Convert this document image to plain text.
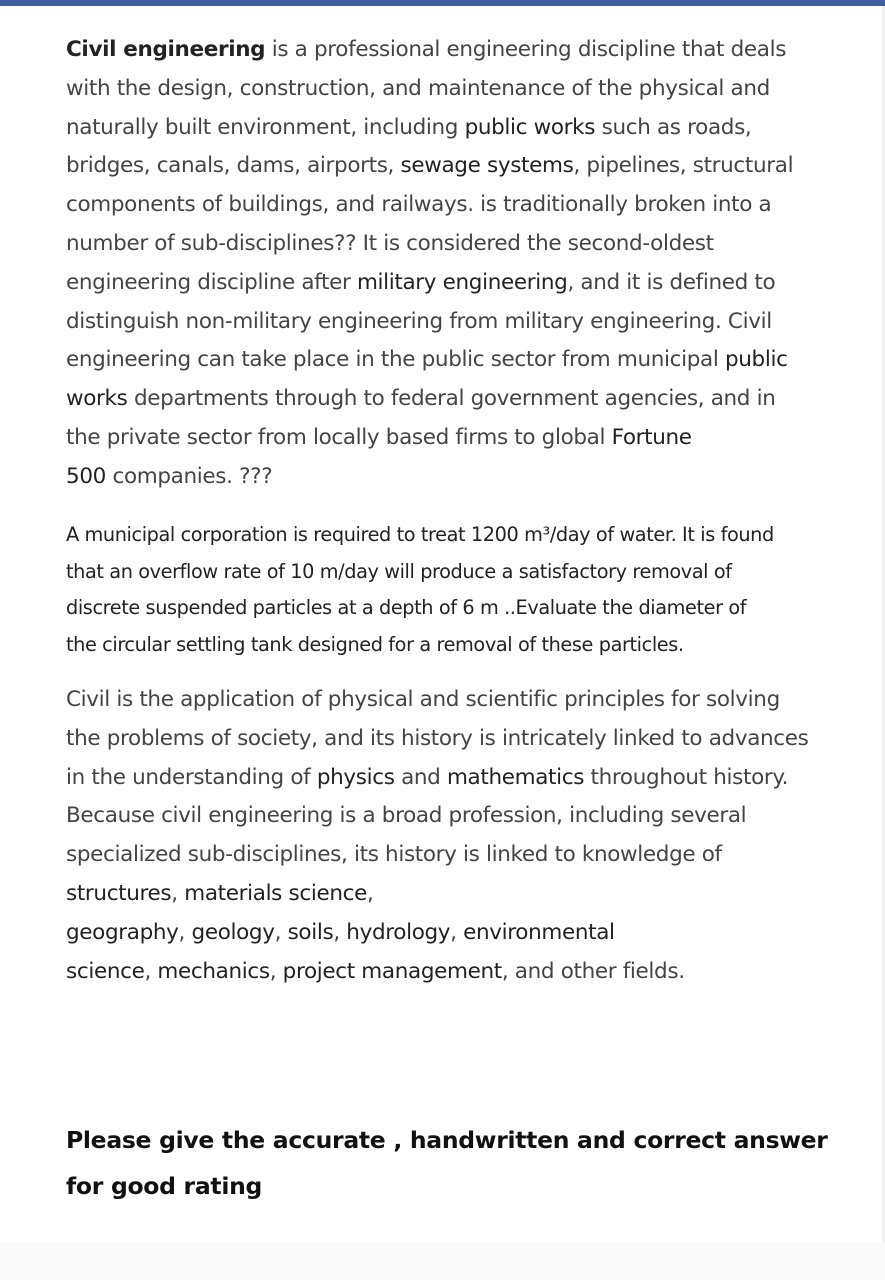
Civil engineering is a professional engineering discipline that deals
with the design, construction, and maintenance of the physical and
naturally built environment, including public works such as roads,
bridges, canals, dams, airports, sewage systems, pipelines, structural
components of buildings, and railways. is traditionally broken into a
number of sub-disciplines?? It is considered the second-oldest
engineering discipline after military engineering, and it is defined to
distinguish non-military engineering from military engineering. Civil
engineering can take place in the public sector from municipal public
works departments through to federal government agencies, and in
the private sector from locally based firms to global Fortune
500 companies. ???

A municipal corporation is required to treat 1200 m³/day of water. It is found
that an overflow rate of 10 m/day will produce a satisfactory removal of
discrete suspended particles at a depth of 6 m ..Evaluate the diameter of
the circular settling tank designed for a removal of these particles.

Civil is the application of physical and scientific principles for solving
the problems of society, and its history is intricately linked to advances
in the understanding of physics and mathematics throughout history.
Because civil engineering is a broad profession, including several
specialized sub-disciplines, its history is linked to knowledge of
structures, materials science,
geography, geology, soils, hydrology, environmental
science, mechanics, project management, and other fields.

Please give the accurate , handwritten and correct answer
for good rating
